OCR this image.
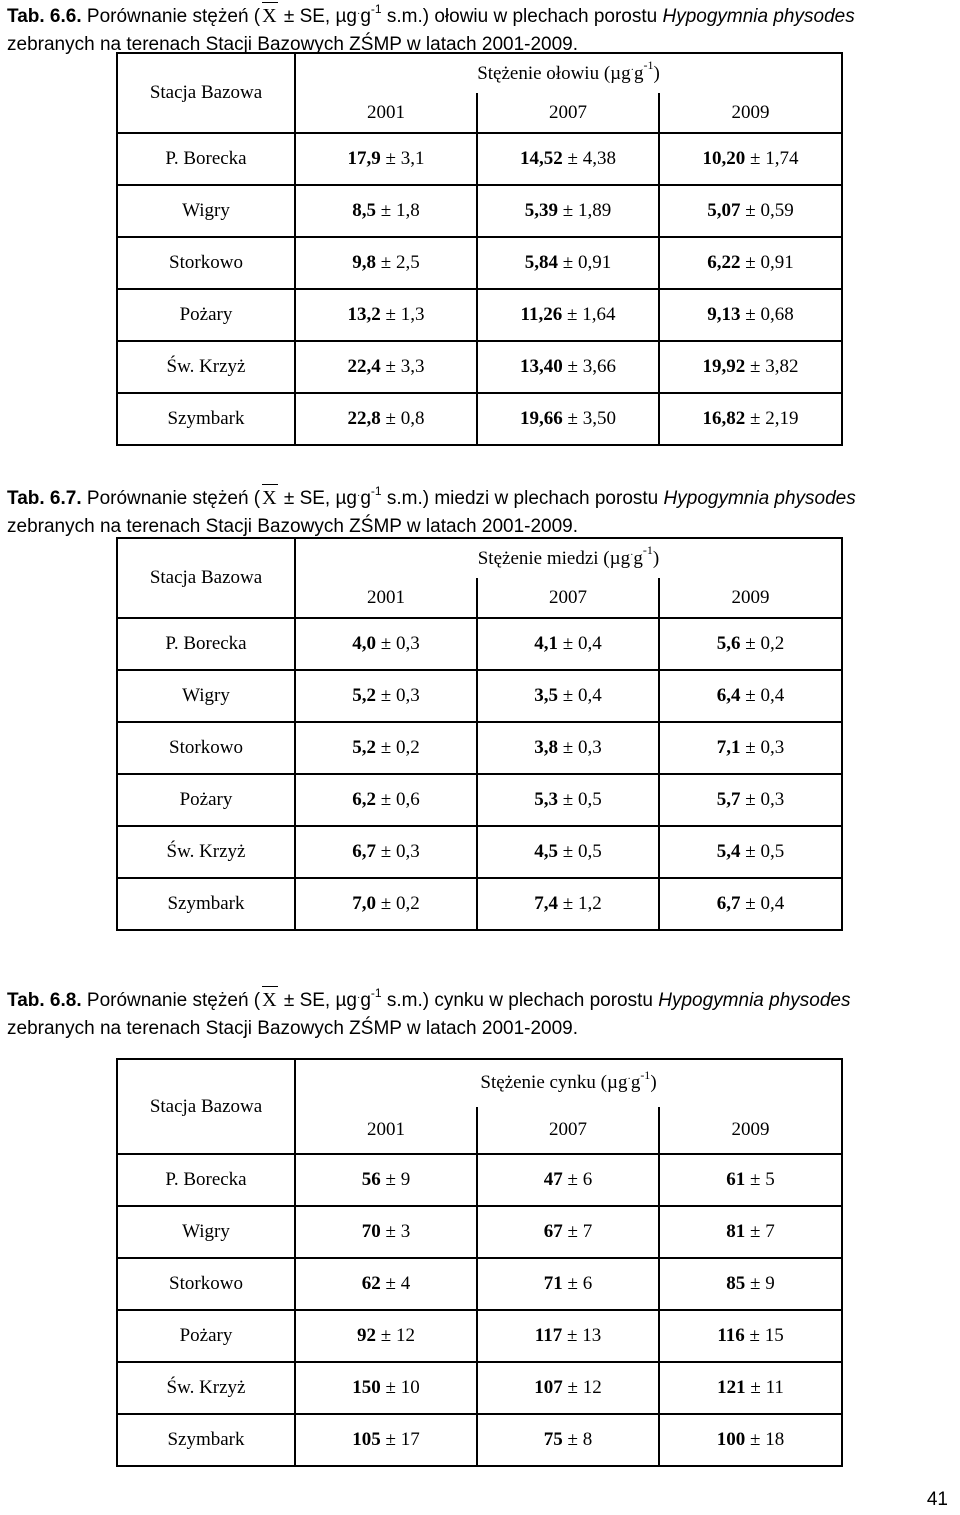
Tab. 6.6. Porównanie stężeń ( X ± SE, $\mu g^\cdot g^{-1}$ s.m.) ołowiu w plechach porostu Hypogymnia physodes
zebranych na terenach Stacji Bazowych ZŚMP w latach 2001-2009.
Stacja Bazowa	Stężenie ołowiu $(\mu g^\cdot g^{-1})$		
	2001	2007	2009
P. Borecka	17,9 ± 3,1	14,52 ± 4,38	10,20 ± 1,74
Wigry	8,5 ± 1,8	5,39 ± 1,89	5,07 ± 0,59
Storkowo	9,8 ± 2,5	5,84 ± 0,91	6,22 ± 0,91
Pożary	13,2 ± 1,3	11,26 ± 1,64	9,13 ± 0,68
Św. Krzyż	22,4 ± 3,3	13,40 ± 3,66	19,92 ± 3,82
Szymbark	22,8 ± 0,8	19,66 ± 3,50	16,82 ± 2,19
Tab. 6.7. Porównanie stężeń ( X ± SE, $\mu g^\cdot g^{-1}$ s.m.) miedzi w plechach porostu Hypogymnia physodes
zebranych na terenach Stacji Bazowych ZŚMP w latach 2001-2009.
Stacja Bazowa	Stężenie miedzi $(\mu g^\cdot g^{-1})$		
	2001	2007	2009
P. Borecka	4,0 ± 0,3	4,1 ± 0,4	5,6 ± 0,2
Wigry	5,2 ± 0,3	3,5 ± 0,4	6,4 ± 0,4
Storkowo	5,2 ± 0,2	3,8 ± 0,3	7,1 ± 0,3
Pożary	6,2 ± 0,6	5,3 ± 0,5	5,7 ± 0,3
Św. Krzyż	6,7 ± 0,3	4,5 ± 0,5	5,4 ± 0,5
Szymbark	7,0 ± 0,2	7,4 ± 1,2	6,7 ± 0,4
Tab. 6.8. Porównanie stężeń ( X ± SE, $\mu g^\cdot g^{-1}$ s.m.) cynku w plechach porostu Hypogymnia physodes
zebranych na terenach Stacji Bazowych ZŚMP w latach 2001-2009.
Stacja Bazowa	Stężenie cynku $(\mu g^\cdot g^{-1})$		
	2001	2007	2009
P. Borecka	56 ± 9	47 ± 6	61 ± 5
Wigry	70 ± 3	67 ± 7	81 ± 7
Storkowo	62 ± 4	71 ± 6	85 ± 9
Pożary	92 ± 12	117 ± 13	116 ± 15
Św. Krzyż	150 ± 10	107 ± 12	121 ± 11
Szymbark	105 ± 17	75 ± 8	100 ± 18
41
